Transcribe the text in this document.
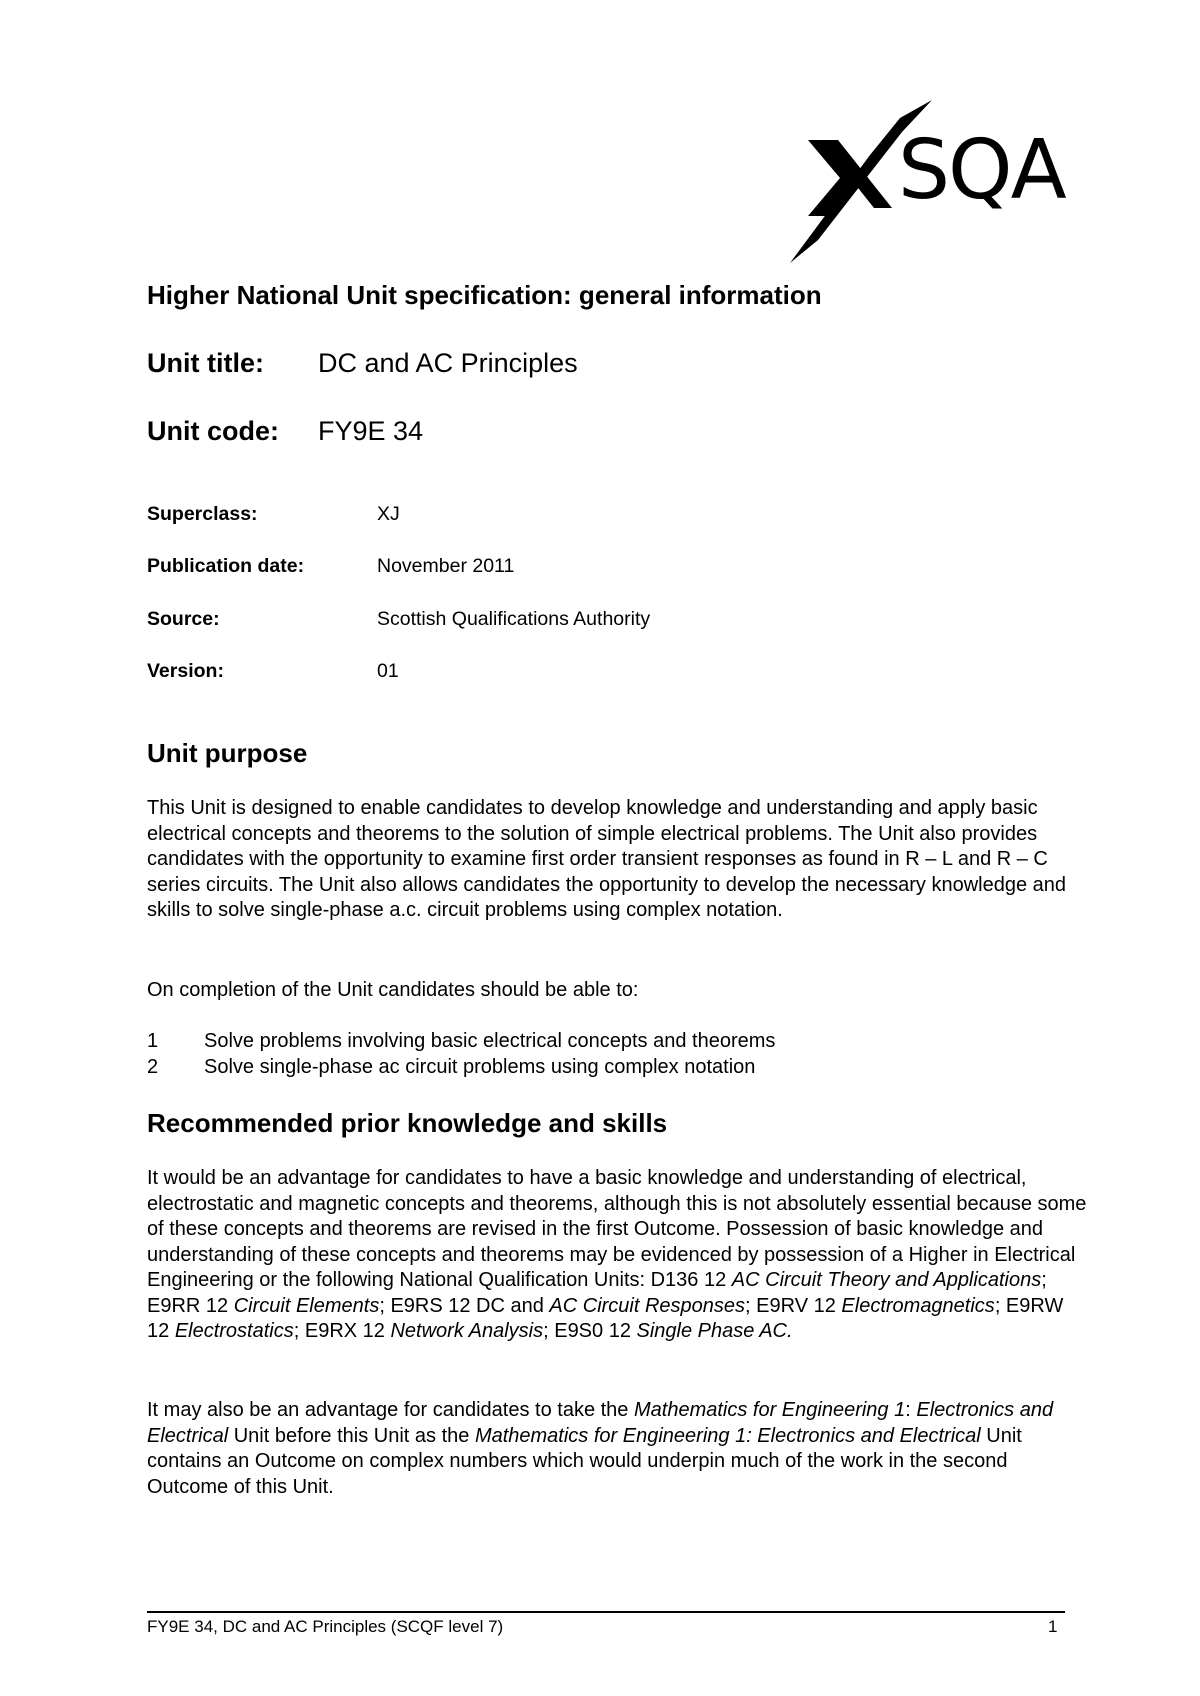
SQA
Higher National Unit specification: general information
Unit title: DC and AC Principles
Unit code: FY9E 34
Superclass:	XJ
Publication date:	November 2011
Source:	Scottish Qualifications Authority
Version:	01
Unit purpose
This Unit is designed to enable candidates to develop knowledge and understanding and apply basic electrical concepts and theorems to the solution of simple electrical problems. The Unit also provides candidates with the opportunity to examine first order transient responses as found in R – L and R – C series circuits. The Unit also allows candidates the opportunity to develop the necessary knowledge and skills to solve single-phase a.c. circuit problems using complex notation.
On completion of the Unit candidates should be able to:
1 Solve problems involving basic electrical concepts and theorems
2 Solve single-phase ac circuit problems using complex notation
Recommended prior knowledge and skills
It would be an advantage for candidates to have a basic knowledge and understanding of electrical, electrostatic and magnetic concepts and theorems, although this is not absolutely essential because some of these concepts and theorems are revised in the first Outcome. Possession of basic knowledge and understanding of these concepts and theorems may be evidenced by possession of a Higher in Electrical Engineering or the following National Qualification Units: D136 12 AC Circuit Theory and Applications; E9RR 12 Circuit Elements; E9RS 12 DC and AC Circuit Responses; E9RV 12 Electromagnetics; E9RW 12 Electrostatics; E9RX 12 Network Analysis; E9S0 12 Single Phase AC.
It may also be an advantage for candidates to take the Mathematics for Engineering 1: Electronics and Electrical Unit before this Unit as the Mathematics for Engineering 1: Electronics and Electrical Unit contains an Outcome on complex numbers which would underpin much of the work in the second Outcome of this Unit.
FY9E 34, DC and AC Principles (SCQF level 7)	1
